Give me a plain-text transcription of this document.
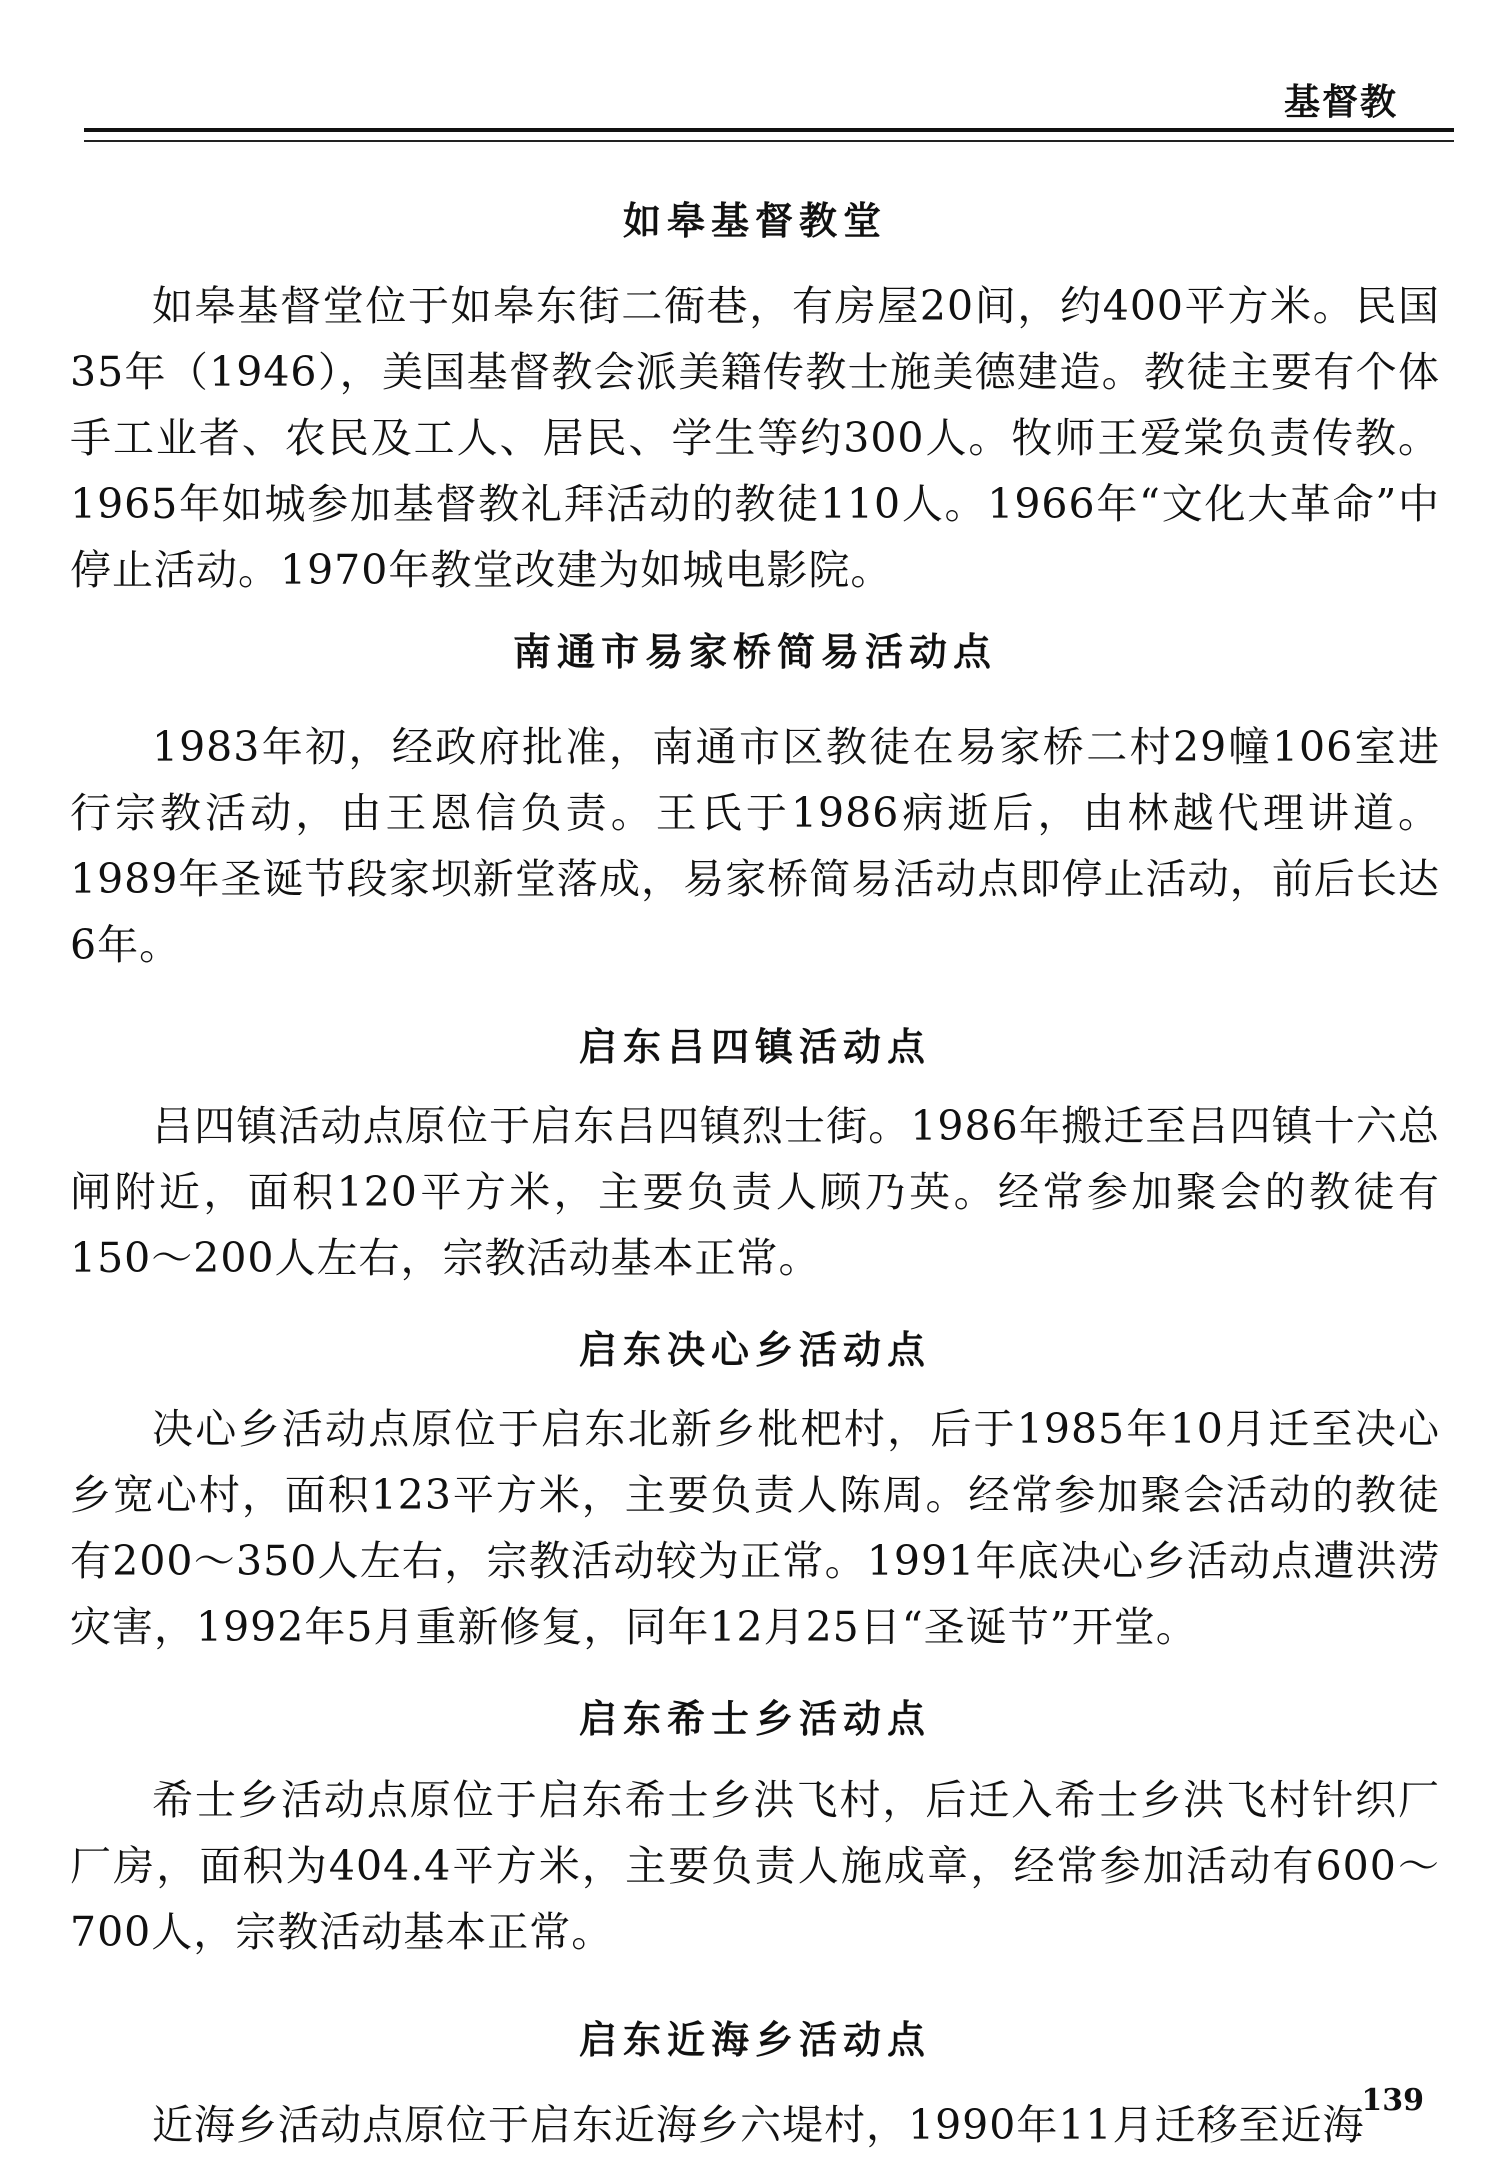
基督教
如皋基督教堂

如皋基督堂位于如皋东街二衙巷，有房屋20间，约400平方米。民国35年（1946），美国基督教会派美籍传教士施美德建造。教徒主要有个体手工业者、农民及工人、居民、学生等约300人。牧师王爱棠负责传教。1965年如城参加基督教礼拜活动的教徒110人。1966年“文化大革命”中停止活动。1970年教堂改建为如城电影院。

南通市易家桥简易活动点

1983年初，经政府批准，南通市区教徒在易家桥二村29幢106室进行宗教活动，由王恩信负责。王氏于1986病逝后，由林越代理讲道。1989年圣诞节段家坝新堂落成，易家桥简易活动点即停止活动，前后长达6年。

启东吕四镇活动点

吕四镇活动点原位于启东吕四镇烈士街。1986年搬迁至吕四镇十六总闸附近，面积120平方米，主要负责人顾乃英。经常参加聚会的教徒有150～200人左右，宗教活动基本正常。

启东决心乡活动点

决心乡活动点原位于启东北新乡枇杷村，后于1985年10月迁至决心乡宽心村，面积123平方米，主要负责人陈周。经常参加聚会活动的教徒有200～350人左右，宗教活动较为正常。1991年底决心乡活动点遭洪涝灾害，1992年5月重新修复，同年12月25日“圣诞节”开堂。

启东希士乡活动点

希士乡活动点原位于启东希士乡洪飞村，后迁入希士乡洪飞村针织厂厂房，面积为404.4平方米，主要负责人施成章，经常参加活动有600～700人，宗教活动基本正常。

启东近海乡活动点

近海乡活动点原位于启东近海乡六堤村，1990年11月迁移至近海

139
